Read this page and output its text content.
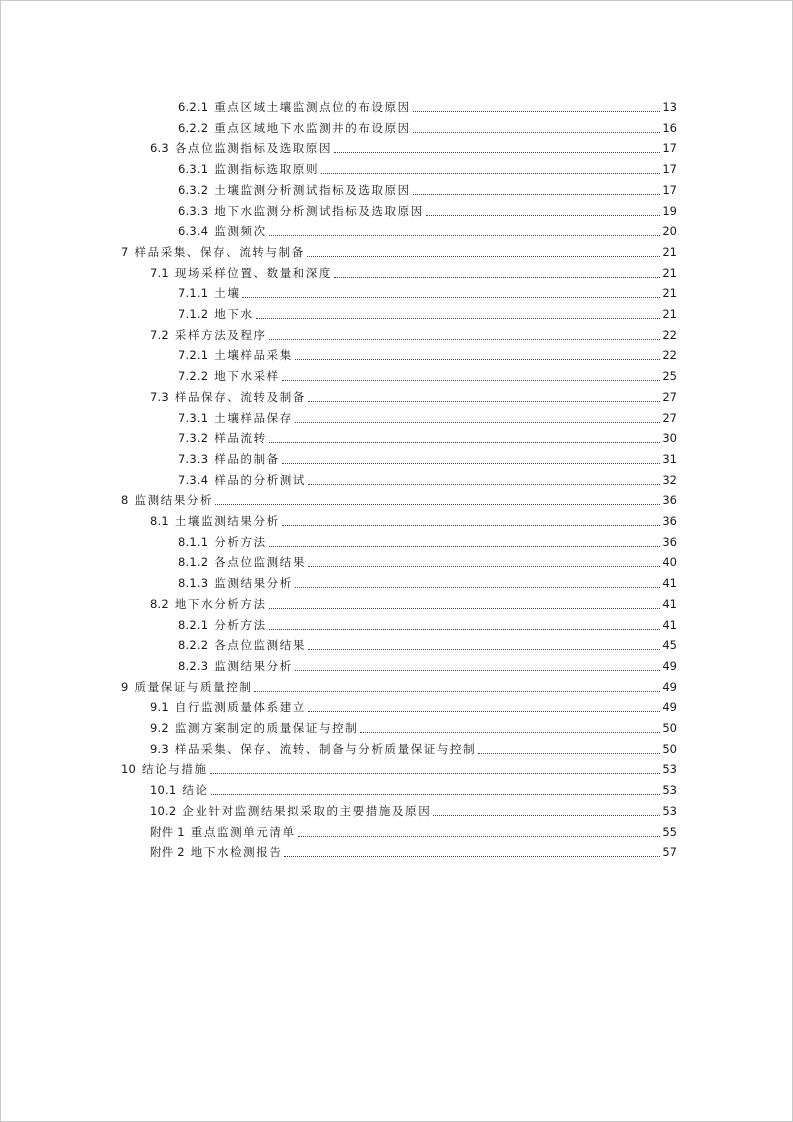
6.2.1 重点区域土壤监测点位的布设原因	13
6.2.2 重点区域地下水监测井的布设原因	16
6.3 各点位监测指标及选取原因	17
6.3.1 监测指标选取原则	17
6.3.2 土壤监测分析测试指标及选取原因	17
6.3.3 地下水监测分析测试指标及选取原因	19
6.3.4 监测频次	20
7 样品采集、保存、流转与制备	21
7.1 现场采样位置、数量和深度	21
7.1.1 土壤	21
7.1.2 地下水	21
7.2 采样方法及程序	22
7.2.1 土壤样品采集	22
7.2.2 地下水采样	25
7.3 样品保存、流转及制备	27
7.3.1 土壤样品保存	27
7.3.2 样品流转	30
7.3.3 样品的制备	31
7.3.4 样品的分析测试	32
8 监测结果分析	36
8.1 土壤监测结果分析	36
8.1.1 分析方法	36
8.1.2 各点位监测结果	40
8.1.3 监测结果分析	41
8.2 地下水分析方法	41
8.2.1 分析方法	41
8.2.2 各点位监测结果	45
8.2.3 监测结果分析	49
9 质量保证与质量控制	49
9.1 自行监测质量体系建立	49
9.2 监测方案制定的质量保证与控制	50
9.3 样品采集、保存、流转、制备与分析质量保证与控制	50
10 结论与措施	53
10.1 结论	53
10.2 企业针对监测结果拟采取的主要措施及原因	53
附件 1 重点监测单元清单	55
附件 2 地下水检测报告	57
